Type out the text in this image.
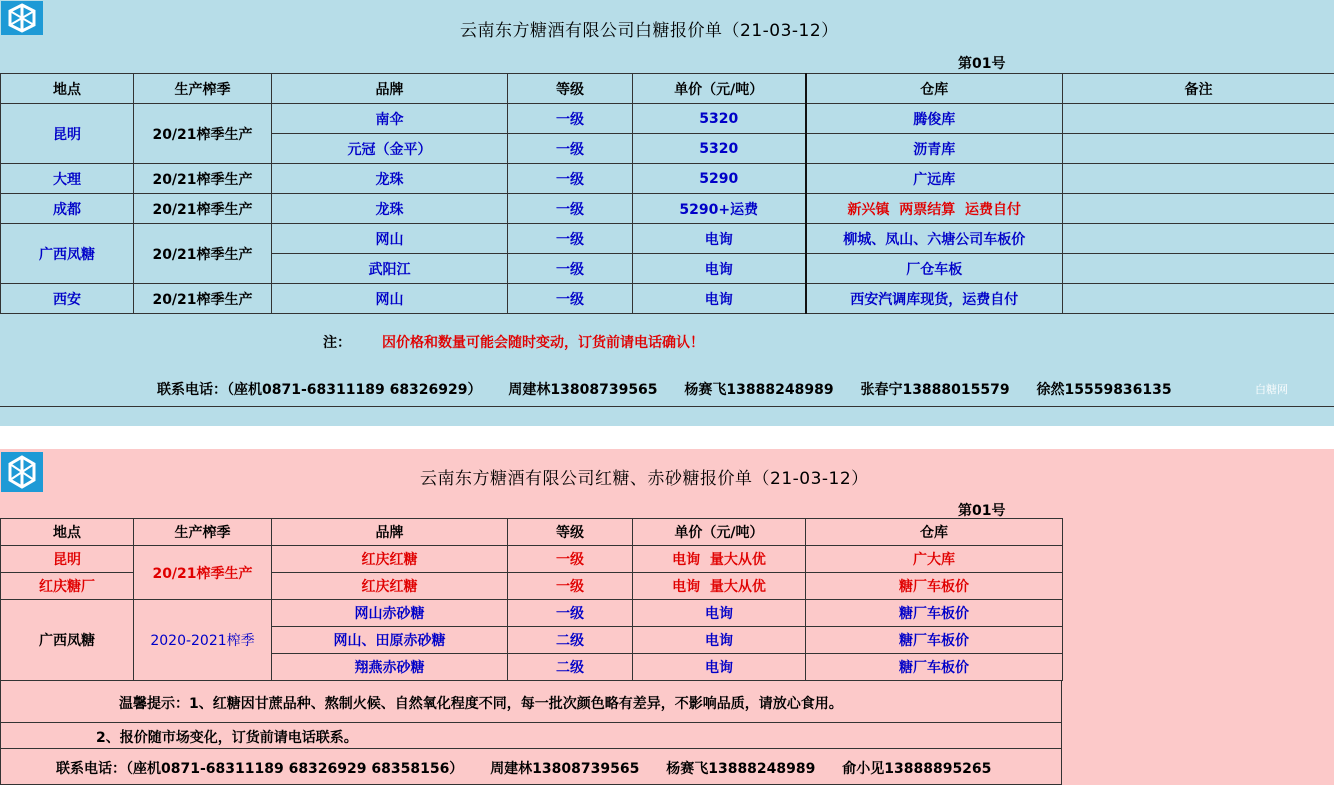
云南东方糖酒有限公司白糖报价单（21-03-12）
第01号
地点	生产榨季	品牌	等级	单价（元/吨）	仓库	备注
昆明	20/21榨季生产	南伞	一级	5320	腾俊库	
		元冠（金平）	一级	5320	沥青库	
大理	20/21榨季生产	龙珠	一级	5290	广远库	
成都	20/21榨季生产	龙珠	一级	5290+运费	新兴镇  两票结算  运费自付	
广西凤糖	20/21榨季生产	网山	一级	电询	柳城、凤山、六塘公司车板价	
		武阳江	一级	电询	厂仓车板	
西安	20/21榨季生产	网山	一级	电询	西安汽调库现货，运费自付	
注： 因价格和数量可能会随时变动，订货前请电话确认！
联系电话：（座机0871-68311189 68326929） 周建林13808739565 杨赛飞13888248989 张春宁13888015579 徐然15559836135	白糖网
云南东方糖酒有限公司红糖、赤砂糖报价单（21-03-12）
第01号
地点	生产榨季	品牌	等级	单价（元/吨）	仓库
昆明	20/21榨季生产	红庆红糖	一级	电询  量大从优	广大库
红庆糖厂		红庆红糖	一级	电询  量大从优	糖厂车板价
广西凤糖	2020-2021榨季	网山赤砂糖	一级	电询	糖厂车板价
		网山、田原赤砂糖	二级	电询	糖厂车板价
		翔燕赤砂糖	二级	电询	糖厂车板价
温馨提示：1、红糖因甘蔗品种、熬制火候、自然氧化程度不同，每一批次颜色略有差异，不影响品质，请放心食用。
2、报价随市场变化，订货前请电话联系。
联系电话：（座机0871-68311189 68326929 68358156） 周建林13808739565 杨赛飞13888248989 俞小见13888895265
